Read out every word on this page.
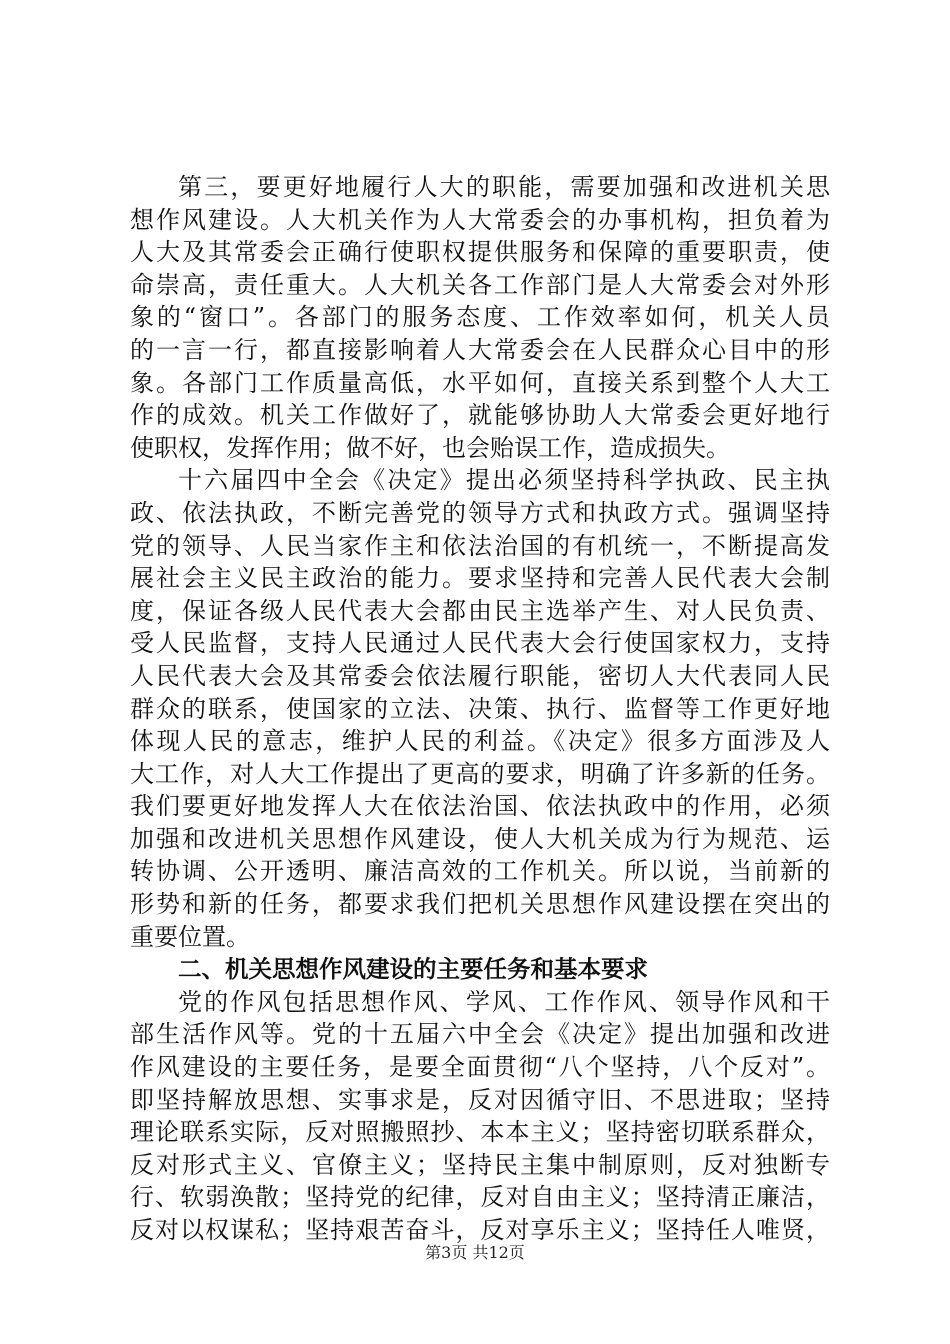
第三，要更好地履行人大的职能，需要加强和改进机关思
想作风建设。人大机关作为人大常委会的办事机构，担负着为
人大及其常委会正确行使职权提供服务和保障的重要职责，使
命崇高，责任重大。人大机关各工作部门是人大常委会对外形
象的“窗口”。各部门的服务态度、工作效率如何，机关人员
的一言一行，都直接影响着人大常委会在人民群众心目中的形
象。各部门工作质量高低，水平如何，直接关系到整个人大工
作的成效。机关工作做好了，就能够协助人大常委会更好地行
使职权，发挥作用；做不好，也会贻误工作，造成损失。
十六届四中全会《决定》提出必须坚持科学执政、民主执
政、依法执政，不断完善党的领导方式和执政方式。强调坚持
党的领导、人民当家作主和依法治国的有机统一，不断提高发
展社会主义民主政治的能力。要求坚持和完善人民代表大会制
度，保证各级人民代表大会都由民主选举产生、对人民负责、
受人民监督，支持人民通过人民代表大会行使国家权力，支持
人民代表大会及其常委会依法履行职能，密切人大代表同人民
群众的联系，使国家的立法、决策、执行、监督等工作更好地
体现人民的意志，维护人民的利益。《决定》很多方面涉及人
大工作，对人大工作提出了更高的要求，明确了许多新的任务。
我们要更好地发挥人大在依法治国、依法执政中的作用，必须
加强和改进机关思想作风建设，使人大机关成为行为规范、运
转协调、公开透明、廉洁高效的工作机关。所以说，当前新的
形势和新的任务，都要求我们把机关思想作风建设摆在突出的
重要位置。
二、机关思想作风建设的主要任务和基本要求
党的作风包括思想作风、学风、工作作风、领导作风和干
部生活作风等。党的十五届六中全会《决定》提出加强和改进
作风建设的主要任务，是要全面贯彻“八个坚持，八个反对”。
即坚持解放思想、实事求是，反对因循守旧、不思进取；坚持
理论联系实际，反对照搬照抄、本本主义；坚持密切联系群众，
反对形式主义、官僚主义；坚持民主集中制原则，反对独断专
行、软弱涣散；坚持党的纪律，反对自由主义；坚持清正廉洁，
反对以权谋私；坚持艰苦奋斗，反对享乐主义；坚持任人唯贤，
第3页 共12页
